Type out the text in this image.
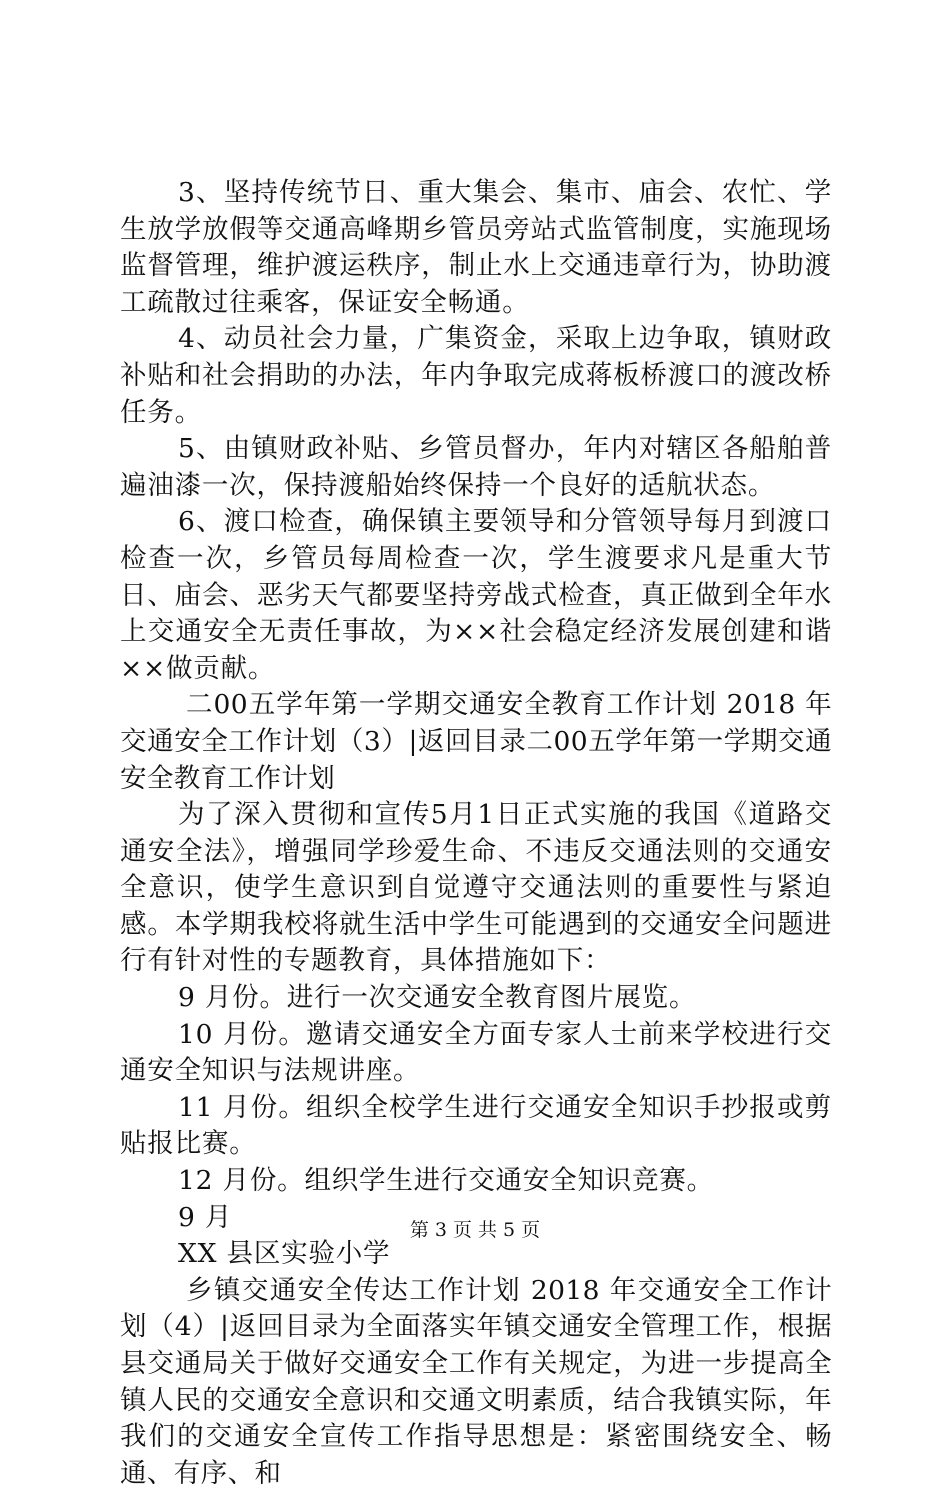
3、坚持传统节日、重大集会、集市、庙会、农忙、学生放学放假等交通高峰期乡管员旁站式监管制度，实施现场监督管理，维护渡运秩序，制止水上交通违章行为，协助渡工疏散过往乘客，保证安全畅通。

4、动员社会力量，广集资金，采取上边争取，镇财政补贴和社会捐助的办法，年内争取完成蒋板桥渡口的渡改桥任务。

5、由镇财政补贴、乡管员督办，年内对辖区各船舶普遍油漆一次，保持渡船始终保持一个良好的适航状态。

6、渡口检查，确保镇主要领导和分管领导每月到渡口检查一次，乡管员每周检查一次，学生渡要求凡是重大节日、庙会、恶劣天气都要坚持旁战式检查，真正做到全年水上交通安全无责任事故，为××社会稳定经济发展创建和谐××做贡献。

二00五学年第一学期交通安全教育工作计划 2018 年交通安全工作计划（3）|返回目录二00五学年第一学期交通安全教育工作计划

为了深入贯彻和宣传5月1日正式实施的我国《道路交通安全法》，增强同学珍爱生命、不违反交通法则的交通安全意识，使学生意识到自觉遵守交通法则的重要性与紧迫感。本学期我校将就生活中学生可能遇到的交通安全问题进行有针对性的专题教育，具体措施如下：

9 月份。进行一次交通安全教育图片展览。

10 月份。邀请交通安全方面专家人士前来学校进行交通安全知识与法规讲座。

11 月份。组织全校学生进行交通安全知识手抄报或剪贴报比赛。

12 月份。组织学生进行交通安全知识竞赛。

9 月

XX 县区实验小学

乡镇交通安全传达工作计划 2018 年交通安全工作计划（4）|返回目录为全面落实年镇交通安全管理工作，根据县交通局关于做好交通安全工作有关规定，为进一步提高全镇人民的交通安全意识和交通文明素质，结合我镇实际，年我们的交通安全宣传工作指导思想是：紧密围绕安全、畅通、有序、和

第 3 页 共 5 页
